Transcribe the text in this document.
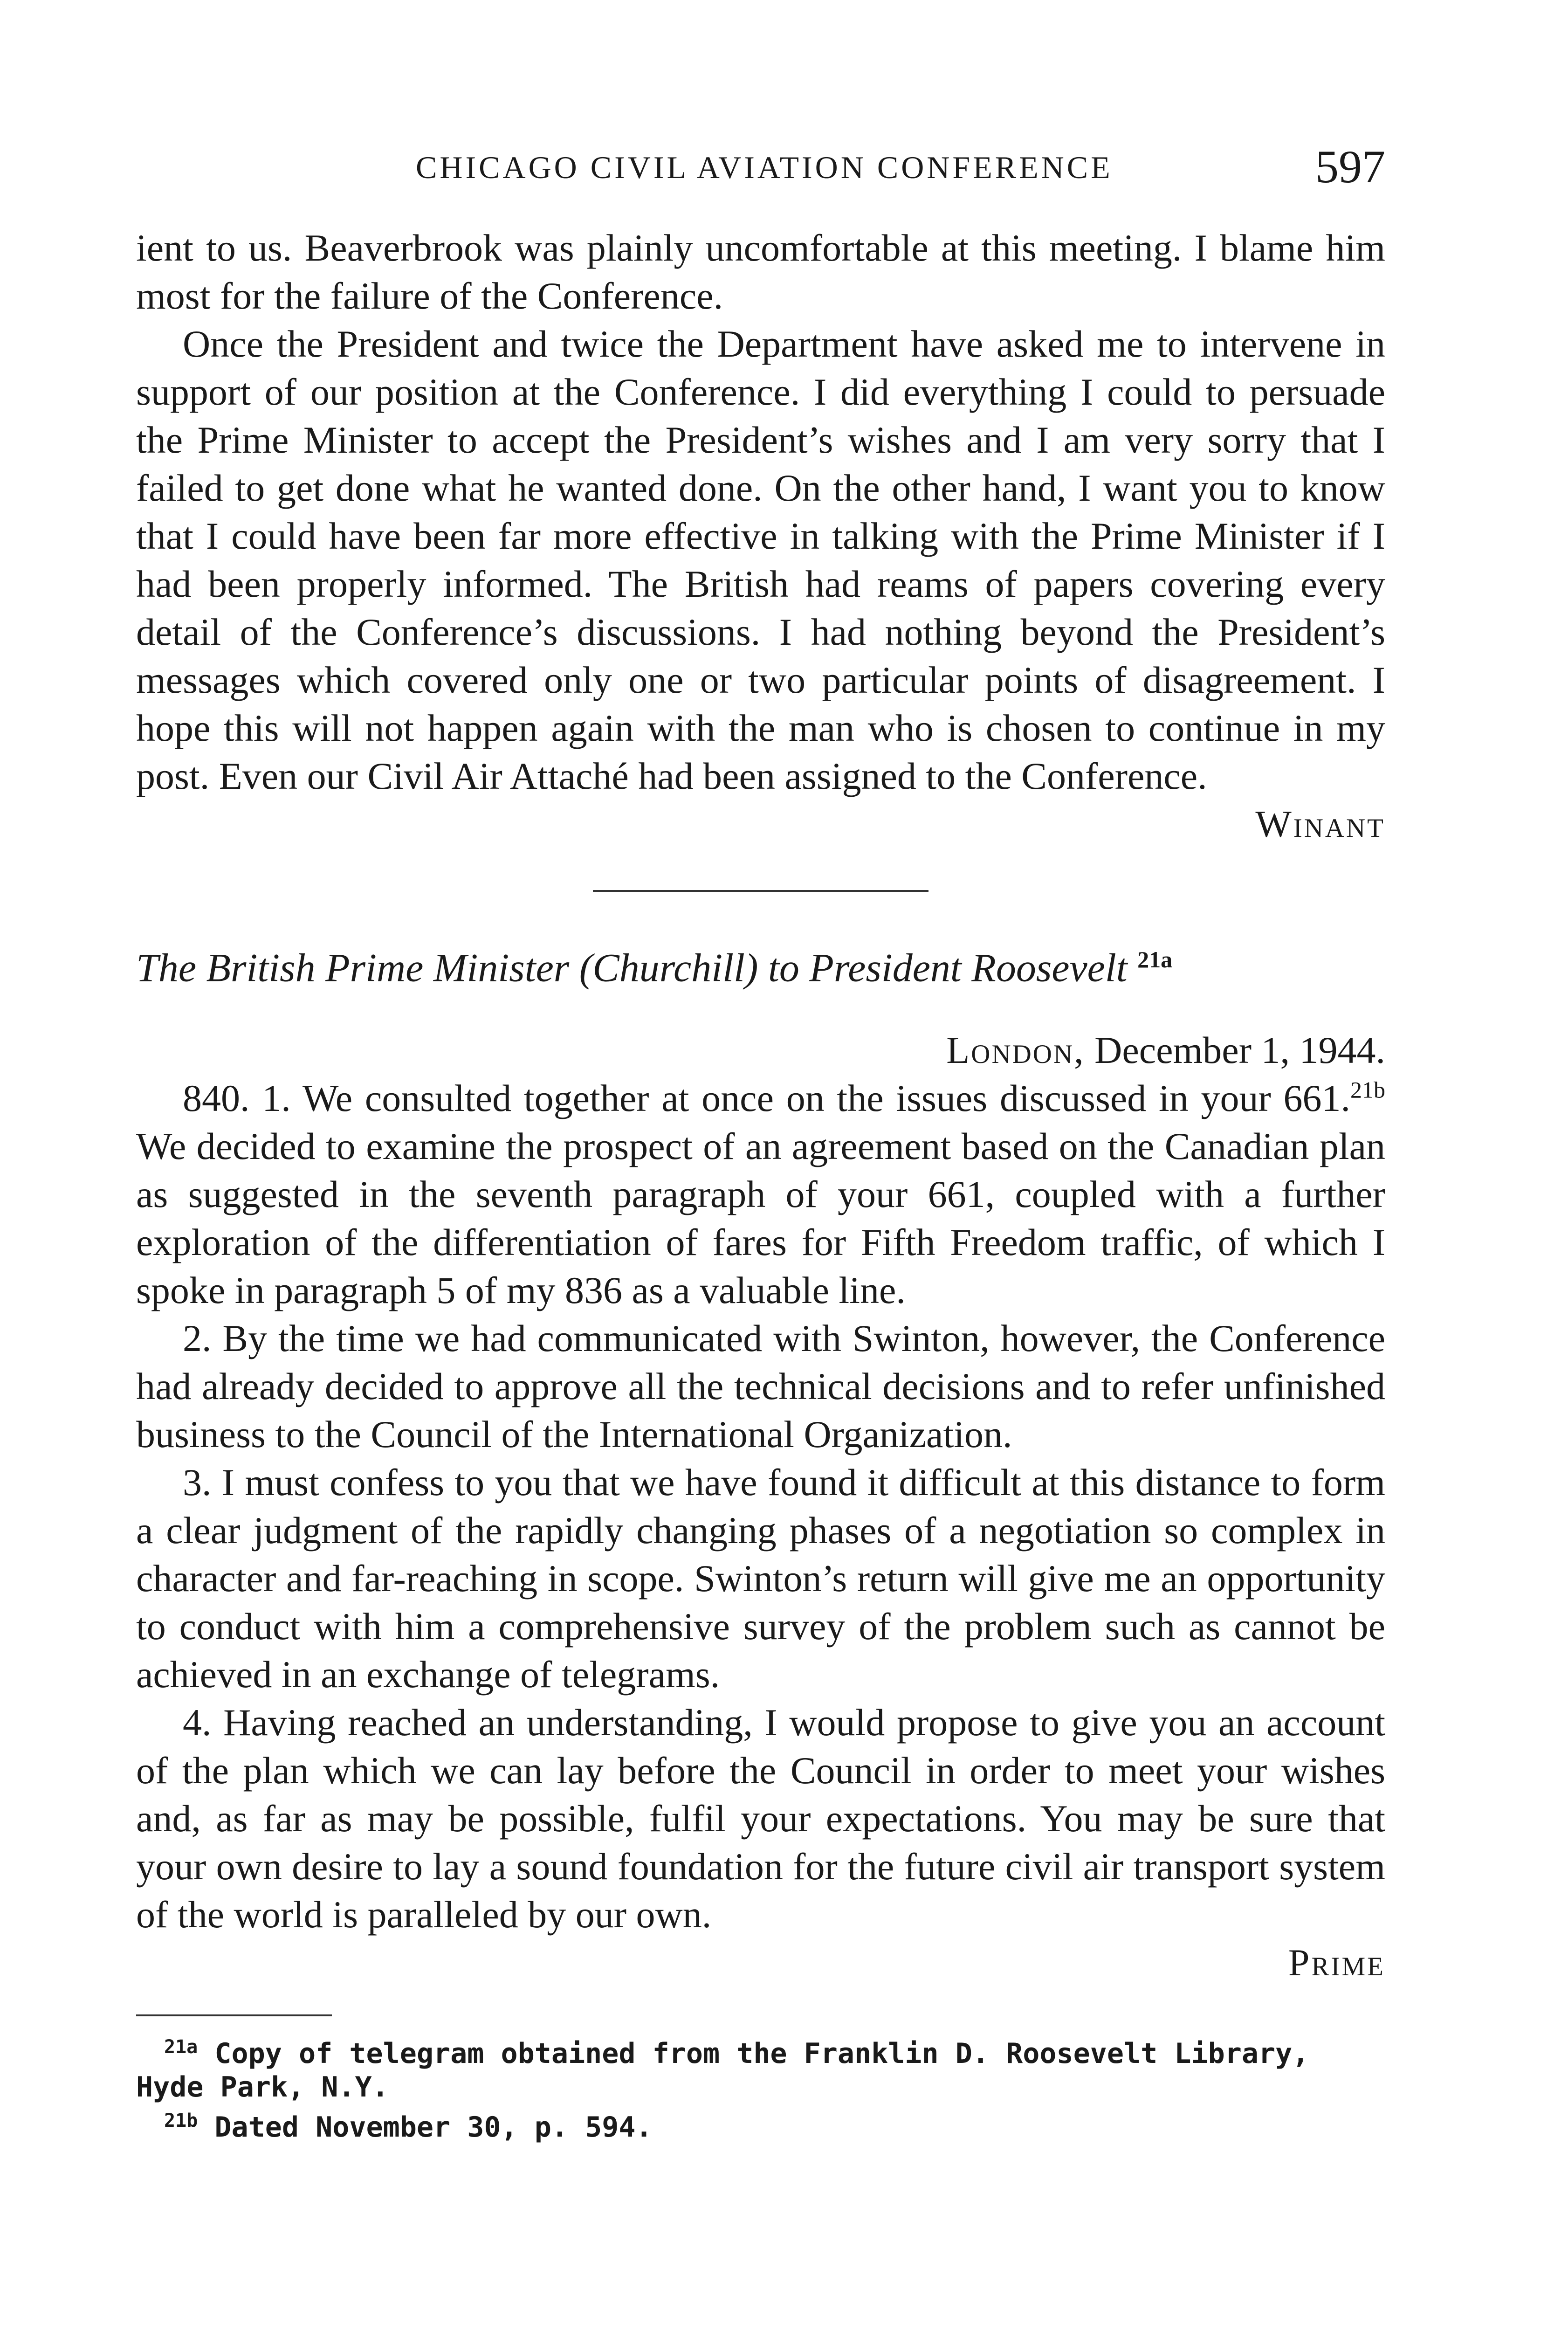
CHICAGO CIVIL AVIATION CONFERENCE	597

ient to us. Beaverbrook was plainly uncomfortable at this meeting. I blame him most for the failure of the Conference.

Once the President and twice the Department have asked me to intervene in support of our position at the Conference. I did everything I could to persuade the Prime Minister to accept the President’s wishes and I am very sorry that I failed to get done what he wanted done. On the other hand, I want you to know that I could have been far more effective in talking with the Prime Minister if I had been properly informed. The British had reams of papers covering every detail of the Conference’s discussions. I had nothing beyond the President’s messages which covered only one or two particular points of disagreement. I hope this will not happen again with the man who is chosen to continue in my post. Even our Civil Air Attaché had been assigned to the Conference.

Winant
The British Prime Minister (Churchill) to President Roosevelt $^{21a}$
London, December 1, 1944.

840. 1. We consulted together at once on the issues discussed in your 661.$^{21b}$ We decided to examine the prospect of an agreement based on the Canadian plan as suggested in the seventh paragraph of your 661, coupled with a further exploration of the differentiation of fares for Fifth Freedom traffic, of which I spoke in paragraph 5 of my 836 as a valuable line.

2. By the time we had communicated with Swinton, however, the Conference had already decided to approve all the technical decisions and to refer unfinished business to the Council of the International Organization.

3. I must confess to you that we have found it difficult at this distance to form a clear judgment of the rapidly changing phases of a negotiation so complex in character and far-reaching in scope. Swinton’s return will give me an opportunity to conduct with him a comprehensive survey of the problem such as cannot be achieved in an exchange of telegrams.

4. Having reached an understanding, I would propose to give you an account of the plan which we can lay before the Council in order to meet your wishes and, as far as may be possible, fulfil your expectations. You may be sure that your own desire to lay a sound foundation for the future civil air transport system of the world is paralleled by our own.

Prime
$^{21a}$ Copy of telegram obtained from the Franklin D. Roosevelt Library, Hyde Park, N.Y.
$^{21b}$ Dated November 30, p. 594.
